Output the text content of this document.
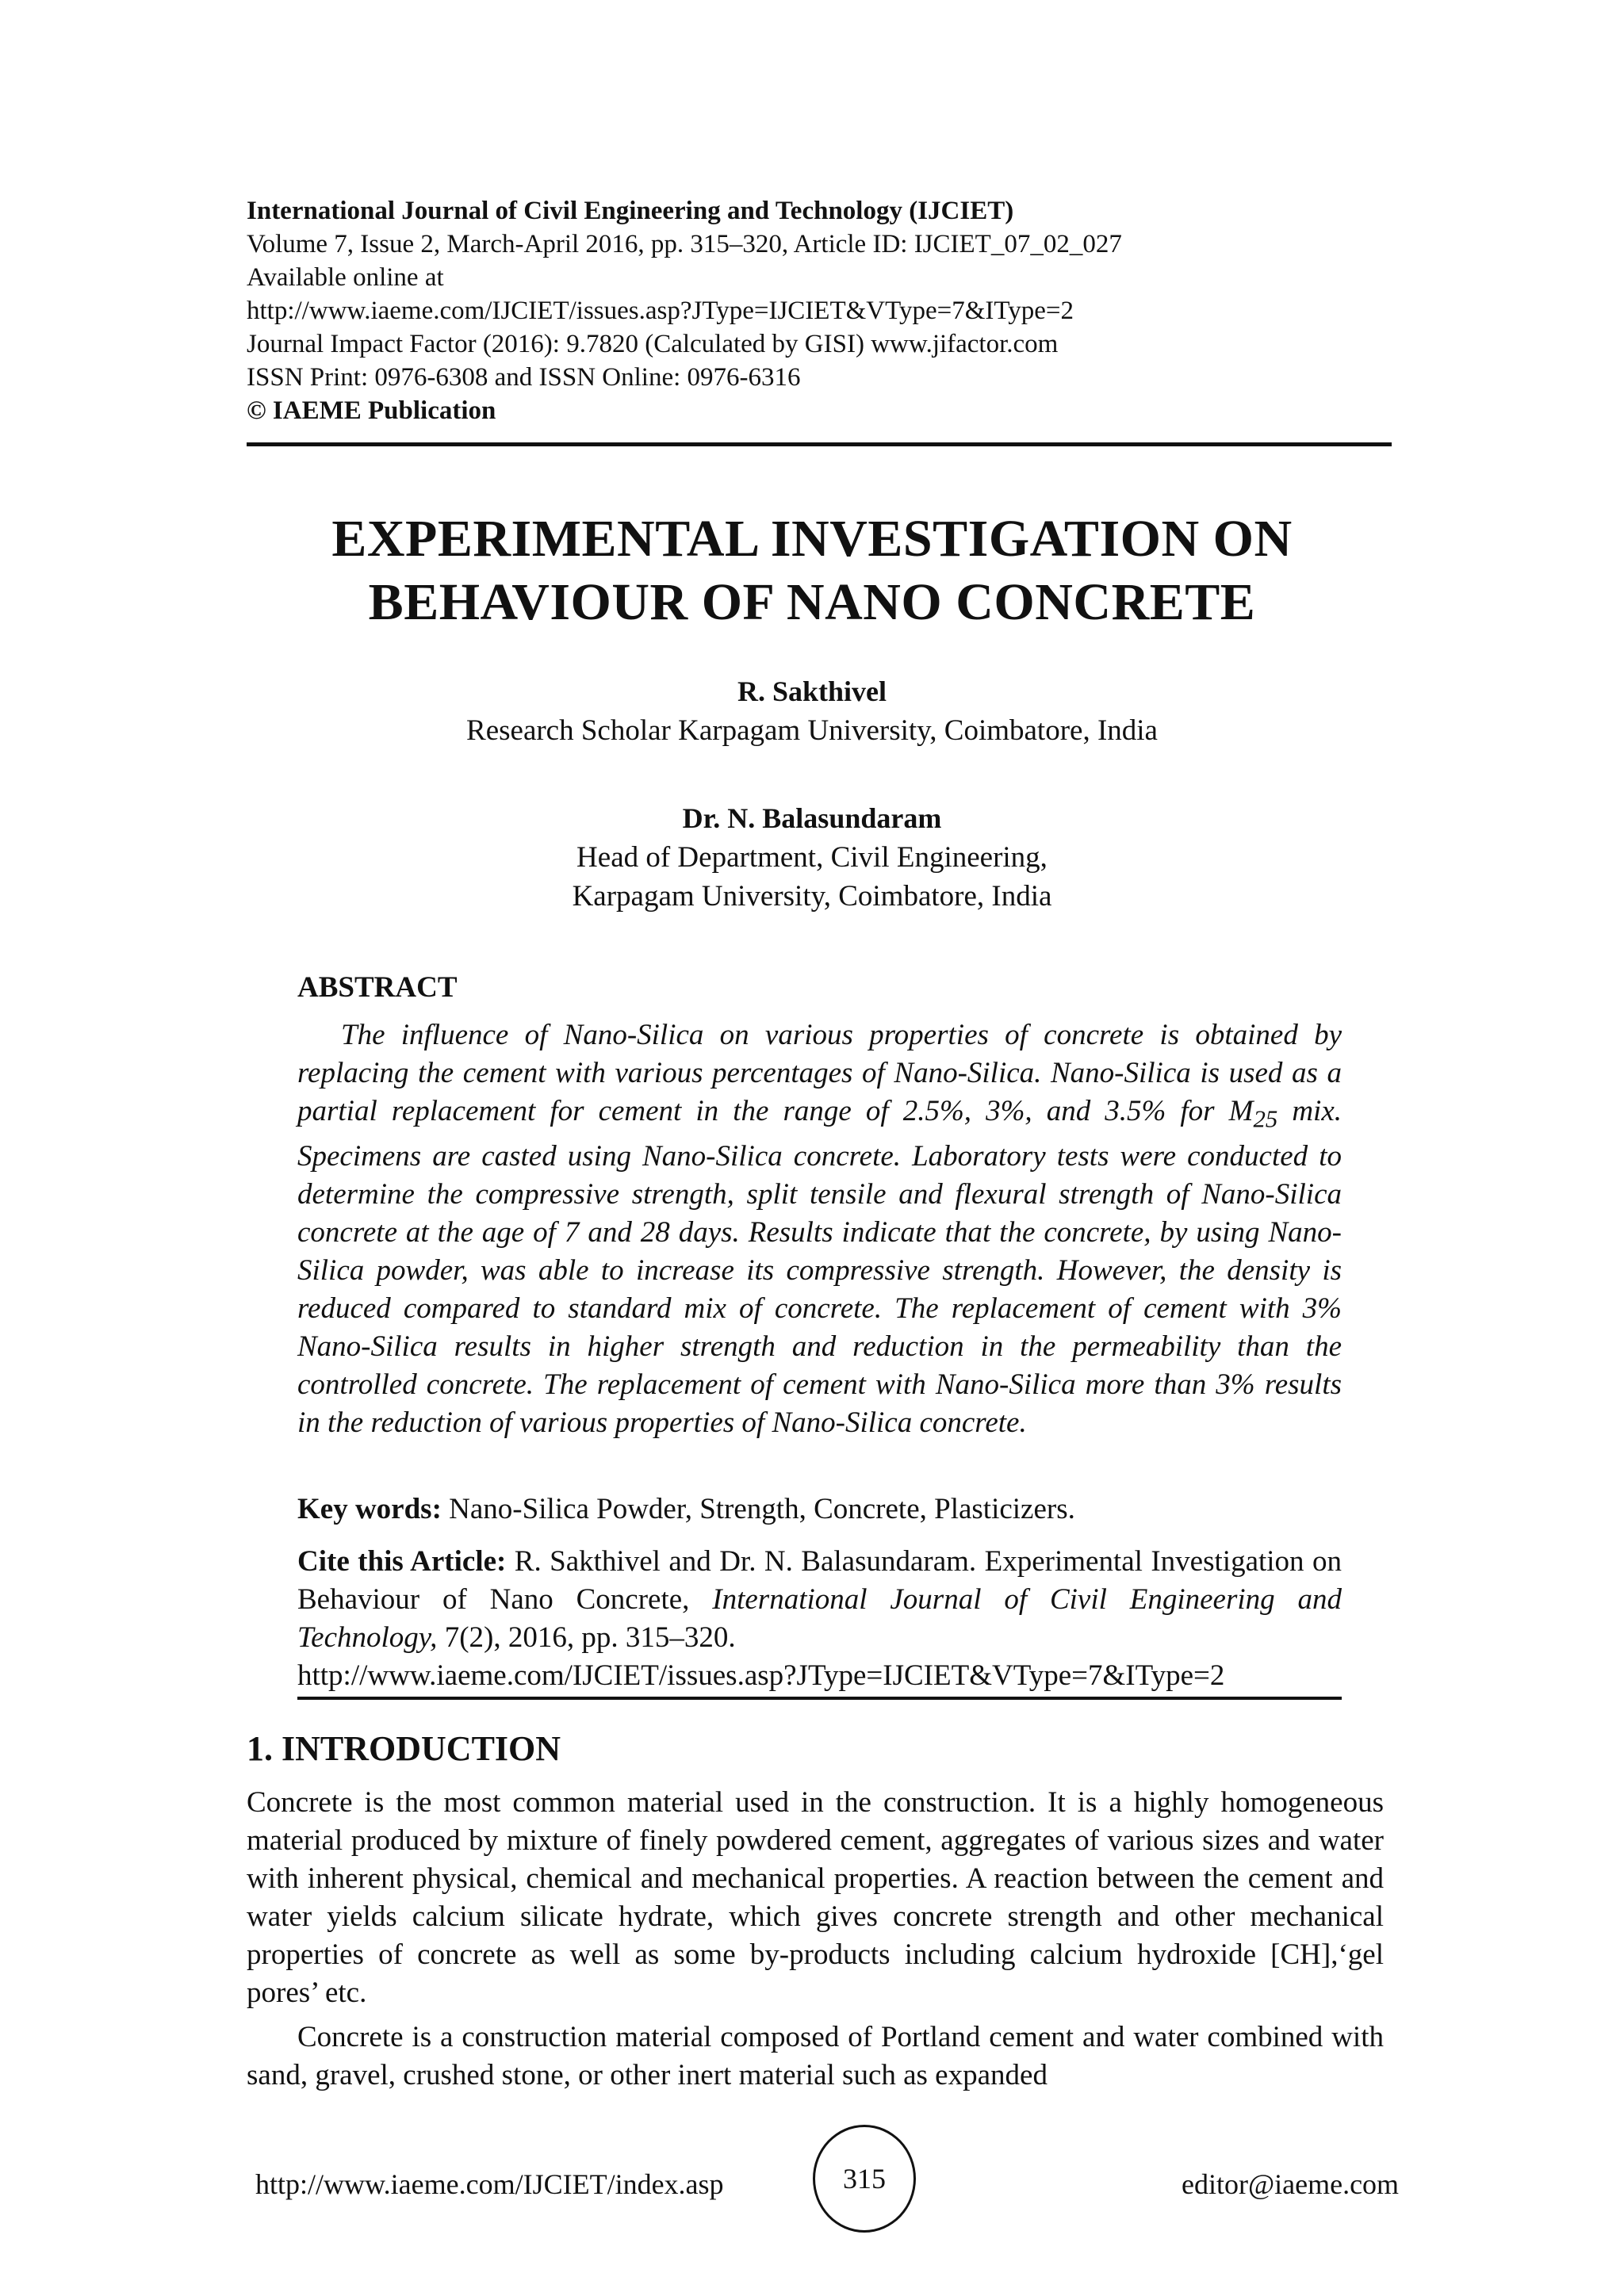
International Journal of Civil Engineering and Technology (IJCIET)
Volume 7, Issue 2, March-April 2016, pp. 315–320, Article ID: IJCIET_07_02_027
Available online at
http://www.iaeme.com/IJCIET/issues.asp?JType=IJCIET&VType=7&IType=2
Journal Impact Factor (2016): 9.7820 (Calculated by GISI) www.jifactor.com
ISSN Print: 0976-6308 and ISSN Online: 0976-6316
© IAEME Publication
EXPERIMENTAL INVESTIGATION ON
BEHAVIOUR OF NANO CONCRETE
R. Sakthivel
Research Scholar Karpagam University, Coimbatore, India
Dr. N. Balasundaram
Head of Department, Civil Engineering,
Karpagam University, Coimbatore, India
ABSTRACT
The influence of Nano-Silica on various properties of concrete is obtained by replacing the cement with various percentages of Nano-Silica. Nano-Silica is used as a partial replacement for cement in the range of 2.5%, 3%, and 3.5% for $M_{25}$ mix. Specimens are casted using Nano-Silica concrete. Laboratory tests were conducted to determine the compressive strength, split tensile and flexural strength of Nano-Silica concrete at the age of 7 and 28 days. Results indicate that the concrete, by using Nano-Silica powder, was able to increase its compressive strength. However, the density is reduced compared to standard mix of concrete. The replacement of cement with 3% Nano-Silica results in higher strength and reduction in the permeability than the controlled concrete. The replacement of cement with Nano-Silica more than 3% results in the reduction of various properties of Nano-Silica concrete.
Key words: Nano-Silica Powder, Strength, Concrete, Plasticizers.
Cite this Article: R. Sakthivel and Dr. N. Balasundaram. Experimental Investigation on Behaviour of Nano Concrete, International Journal of Civil Engineering and Technology, 7(2), 2016, pp. 315–320.
http://www.iaeme.com/IJCIET/issues.asp?JType=IJCIET&VType=7&IType=2
1. INTRODUCTION
Concrete is the most common material used in the construction. It is a highly homogeneous material produced by mixture of finely powdered cement, aggregates of various sizes and water with inherent physical, chemical and mechanical properties. A reaction between the cement and water yields calcium silicate hydrate, which gives concrete strength and other mechanical properties of concrete as well as some by-products including calcium hydroxide [CH],‘gel pores’ etc.
Concrete is a construction material composed of Portland cement and water combined with sand, gravel, crushed stone, or other inert material such as expanded
http://www.iaeme.com/IJCIET/index.asp	315	editor@iaeme.com
